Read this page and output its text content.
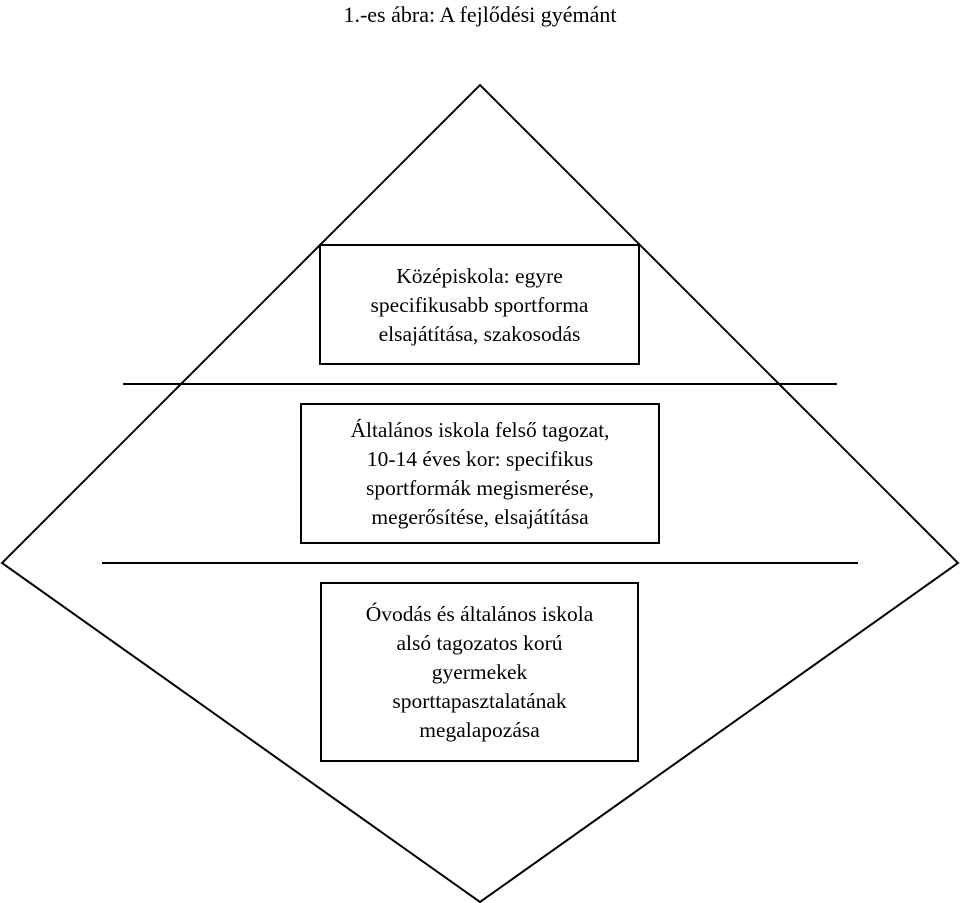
1.-es ábra: A fejlődési gyémánt
Középiskola: egyre
specifikusabb sportforma
elsajátítása, szakosodás
Általános iskola felső tagozat,
10-14 éves kor: specifikus
sportformák megismerése,
megerősítése, elsajátítása
Óvodás és általános iskola
alsó tagozatos korú
gyermekek
sporttapasztalatának
megalapozása
